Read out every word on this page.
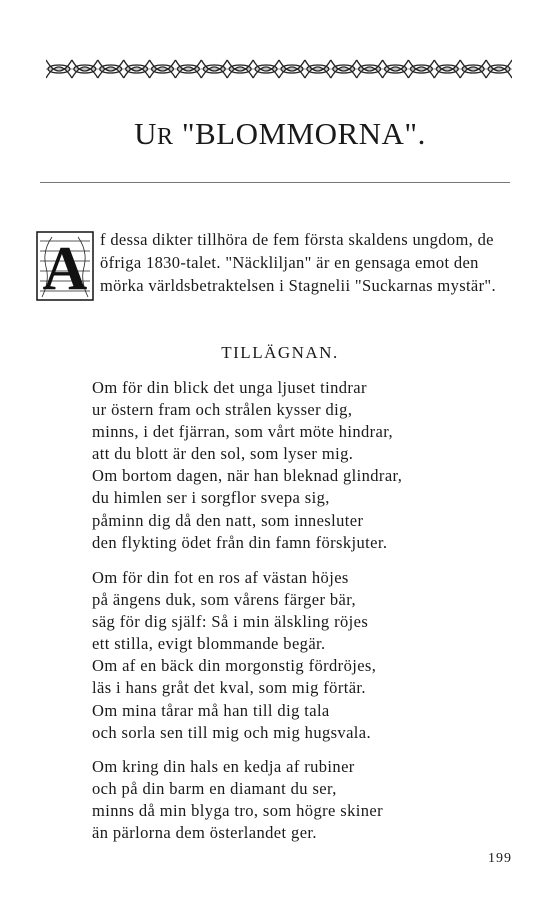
UR "BLOMMORNA".
A f dessa dikter tillhöra de fem första skaldens ungdom, de öfriga 1830-talet. "Näckliljan" är en gensaga emot den mörka världsbetraktelsen i Stagnelii "Suckarnas mystär".
TILLÄGNAN.
Om för din blick det unga ljuset tindrar
ur östern fram och strålen kysser dig,
minns, i det fjärran, som vårt möte hindrar,
att du blott är den sol, som lyser mig.
Om bortom dagen, när han bleknad glindrar,
du himlen ser i sorgflor svepa sig,
påminn dig då den natt, som innesluter
den flykting ödet från din famn förskjuter.
Om för din fot en ros af västan höjes
på ängens duk, som vårens färger bär,
säg för dig själf: Så i min älskling röjes
ett stilla, evigt blommande begär.
Om af en bäck din morgonstig fördröjes,
läs i hans gråt det kval, som mig förtär.
Om mina tårar må han till dig tala
och sorla sen till mig och mig hugsvala.
Om kring din hals en kedja af rubiner
och på din barm en diamant du ser,
minns då min blyga tro, som högre skiner
än pärlorna dem österlandet ger.
199
